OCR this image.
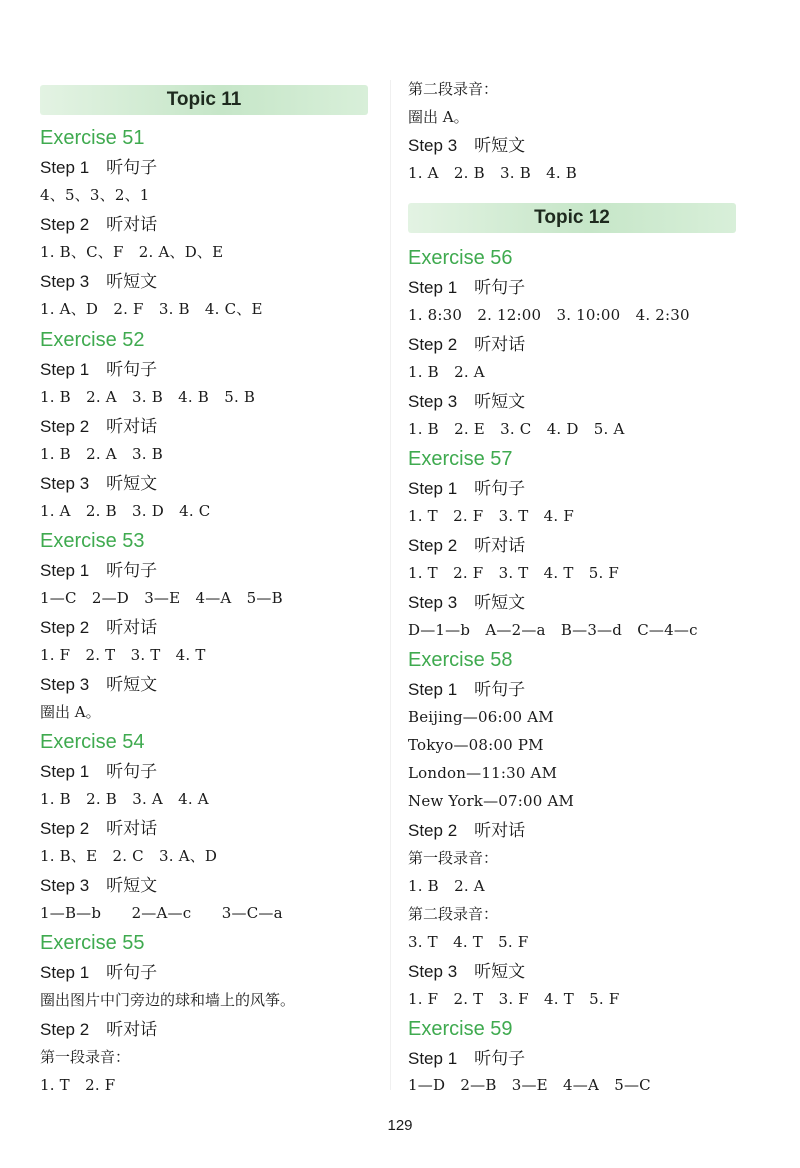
Topic 11
Exercise 51
Step 1　听句子
4、5、3、2、1
Step 2　听对话
1. B、C、F　2. A、D、E
Step 3　听短文
1. A、D　2. F　3. B　4. C、E
Exercise 52
Step 1　听句子
1. B　2. A　3. B　4. B　5. B
Step 2　听对话
1. B　2. A　3. B
Step 3　听短文
1. A　2. B　3. D　4. C
Exercise 53
Step 1　听句子
1—C　2—D　3—E　4—A　5—B
Step 2　听对话
1. F　2. T　3. T　4. T
Step 3　听短文
圈出 A。
Exercise 54
Step 1　听句子
1. B　2. B　3. A　4. A
Step 2　听对话
1. B、E　2. C　3. A、D
Step 3　听短文
1—B—b　　2—A—c　　3—C—a
Exercise 55
Step 1　听句子
圈出图片中门旁边的球和墙上的风筝。
Step 2　听对话
第一段录音：
1. T　2. F
第二段录音：
圈出 A。
Step 3　听短文
1. A　2. B　3. B　4. B
Topic 12
Exercise 56
Step 1　听句子
1. 8:30　2. 12:00　3. 10:00　4. 2:30
Step 2　听对话
1. B　2. A
Step 3　听短文
1. B　2. E　3. C　4. D　5. A
Exercise 57
Step 1　听句子
1. T　2. F　3. T　4. F
Step 2　听对话
1. T　2. F　3. T　4. T　5. F
Step 3　听短文
D—1—b　A—2—a　B—3—d　C—4—c
Exercise 58
Step 1　听句子
Beijing—06:00 AM
Tokyo—08:00 PM
London—11:30 AM
New York—07:00 AM
Step 2　听对话
第一段录音：
1. B　2. A
第二段录音：
3. T　4. T　5. F
Step 3　听短文
1. F　2. T　3. F　4. T　5. F
Exercise 59
Step 1　听句子
1—D　2—B　3—E　4—A　5—C
129
